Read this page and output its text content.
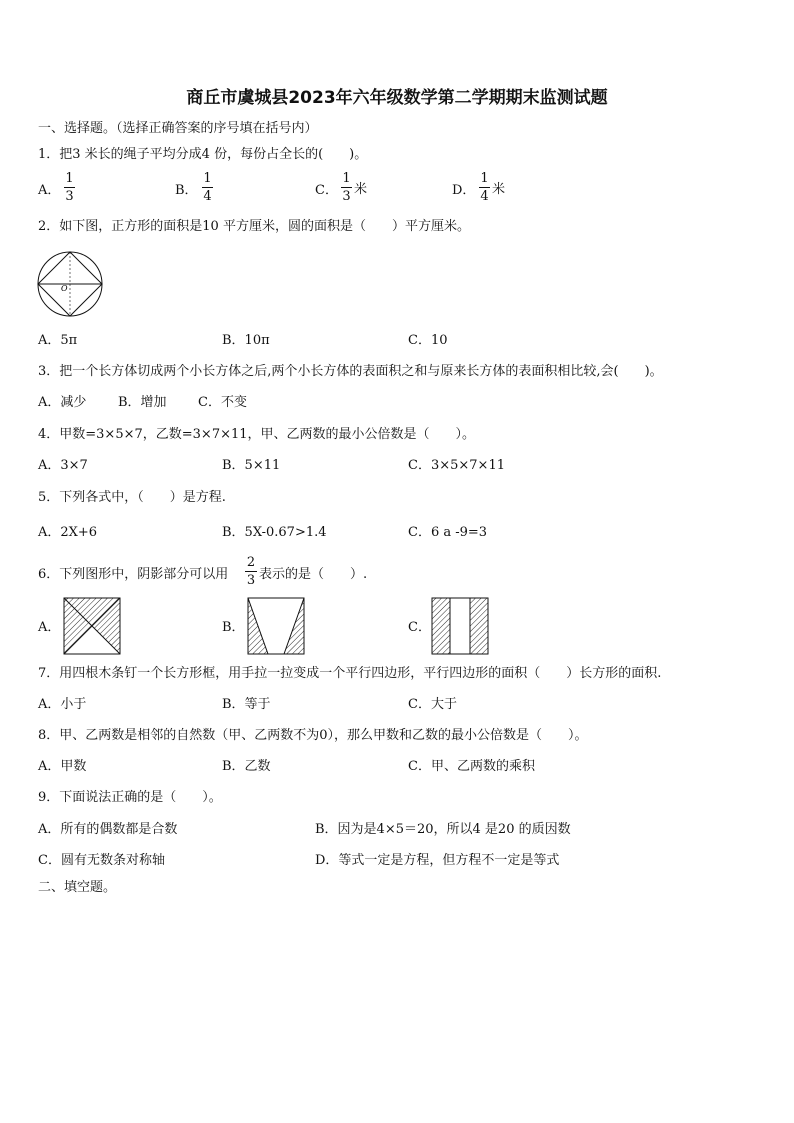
商丘市虞城县2023年六年级数学第二学期期末监测试题
一、选择题。（选择正确答案的序号填在括号内）
1．把3 米长的绳子平均分成4 份，每份占全长的(　　)。
A．
1
3	B．
1
4	C．
1
3 米	D．
1
4 米
2．如下图，正方形的面积是10 平方厘米，圆的面积是（　　）平方厘米。
O
A．5π	B．10π	C．10
3．把一个长方体切成两个小长方体之后,两个小长方体的表面积之和与原来长方体的表面积相比较,会(　　)。
A．减少 B．增加 C．不变
4．甲数=3×5×7，乙数=3×7×11，甲、乙两数的最小公倍数是（　　）。
A．3×7	B．5×11	C．3×5×7×11
5．下列各式中，（　　）是方程.
A．2X+6	B．5X-0.67>1.4	C．6 a -9=3
6．下列图形中，阴影部分可以用
2
3 表示的是（　　）.
A．	B．	C．
7．用四根木条钉一个长方形框，用手拉一拉变成一个平行四边形，平行四边形的面积（　　）长方形的面积.
A．小于	B．等于	C．大于
8．甲、乙两数是相邻的自然数（甲、乙两数不为0），那么甲数和乙数的最小公倍数是（　　）。
A．甲数	B．乙数	C．甲、乙两数的乘积
9．下面说法正确的是（　　）。
A．所有的偶数都是合数	B．因为是4×5＝20，所以4 是20 的质因数
C．圆有无数条对称轴	D．等式一定是方程，但方程不一定是等式
二、填空题。
